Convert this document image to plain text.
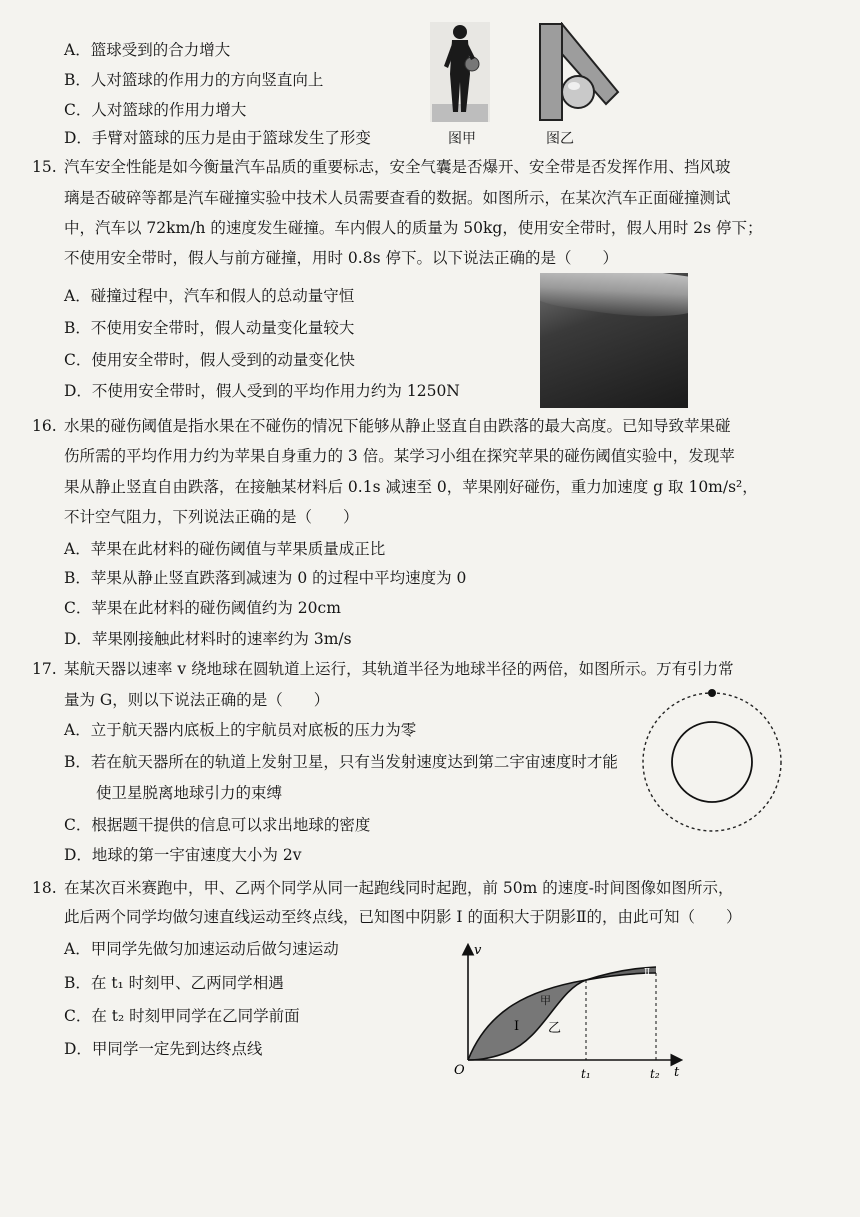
A．篮球受到的合力增大
B．人对篮球的作用力的方向竖直向上
C．人对篮球的作用力增大
D．手臂对篮球的压力是由于篮球发生了形变	图甲	图乙
15. 汽车安全性能是如今衡量汽车品质的重要标志，安全气囊是否爆开、安全带是否发挥作用、挡风玻
璃是否破碎等都是汽车碰撞实验中技术人员需要查看的数据。如图所示，在某次汽车正面碰撞测试
中，汽车以 72km/h 的速度发生碰撞。车内假人的质量为 50kg，使用安全带时，假人用时 2s 停下；
不使用安全带时，假人与前方碰撞，用时 0.8s 停下。以下说法正确的是（　　）
A．碰撞过程中，汽车和假人的总动量守恒
B．不使用安全带时，假人动量变化量较大
C．使用安全带时，假人受到的动量变化快
D．不使用安全带时，假人受到的平均作用力约为 1250N
16. 水果的碰伤阈值是指水果在不碰伤的情况下能够从静止竖直自由跌落的最大高度。已知导致苹果碰
伤所需的平均作用力约为苹果自身重力的 3 倍。某学习小组在探究苹果的碰伤阈值实验中，发现苹
果从静止竖直自由跌落，在接触某材料后 0.1s 减速至 0，苹果刚好碰伤，重力加速度 g 取 10m/s²，
不计空气阻力，下列说法正确的是（　　）
A．苹果在此材料的碰伤阈值与苹果质量成正比
B．苹果从静止竖直跌落到减速为 0 的过程中平均速度为 0
C．苹果在此材料的碰伤阈值约为 20cm
D．苹果刚接触此材料时的速率约为 3m/s
17. 某航天器以速率 v 绕地球在圆轨道上运行，其轨道半径为地球半径的两倍，如图所示。万有引力常
量为 G，则以下说法正确的是（　　）
A．立于航天器内底板上的宇航员对底板的压力为零
B．若在航天器所在的轨道上发射卫星，只有当发射速度达到第二宇宙速度时才能
使卫星脱离地球引力的束缚
C．根据题干提供的信息可以求出地球的密度
D．地球的第一宇宙速度大小为 2v
18. 在某次百米赛跑中，甲、乙两个同学从同一起跑线同时起跑，前 50m 的速度-时间图像如图所示，
此后两个同学均做匀速直线运动至终点线，已知图中阴影 I 的面积大于阴影Ⅱ的，由此可知（　　）
A．甲同学先做匀加速运动后做匀速运动
B．在 t₁ 时刻甲、乙两同学相遇
C．在 t₂ 时刻甲同学在乙同学前面
D．甲同学一定先到达终点线
v
t
O	t₁	t₂
甲
乙
I
Ⅱ
